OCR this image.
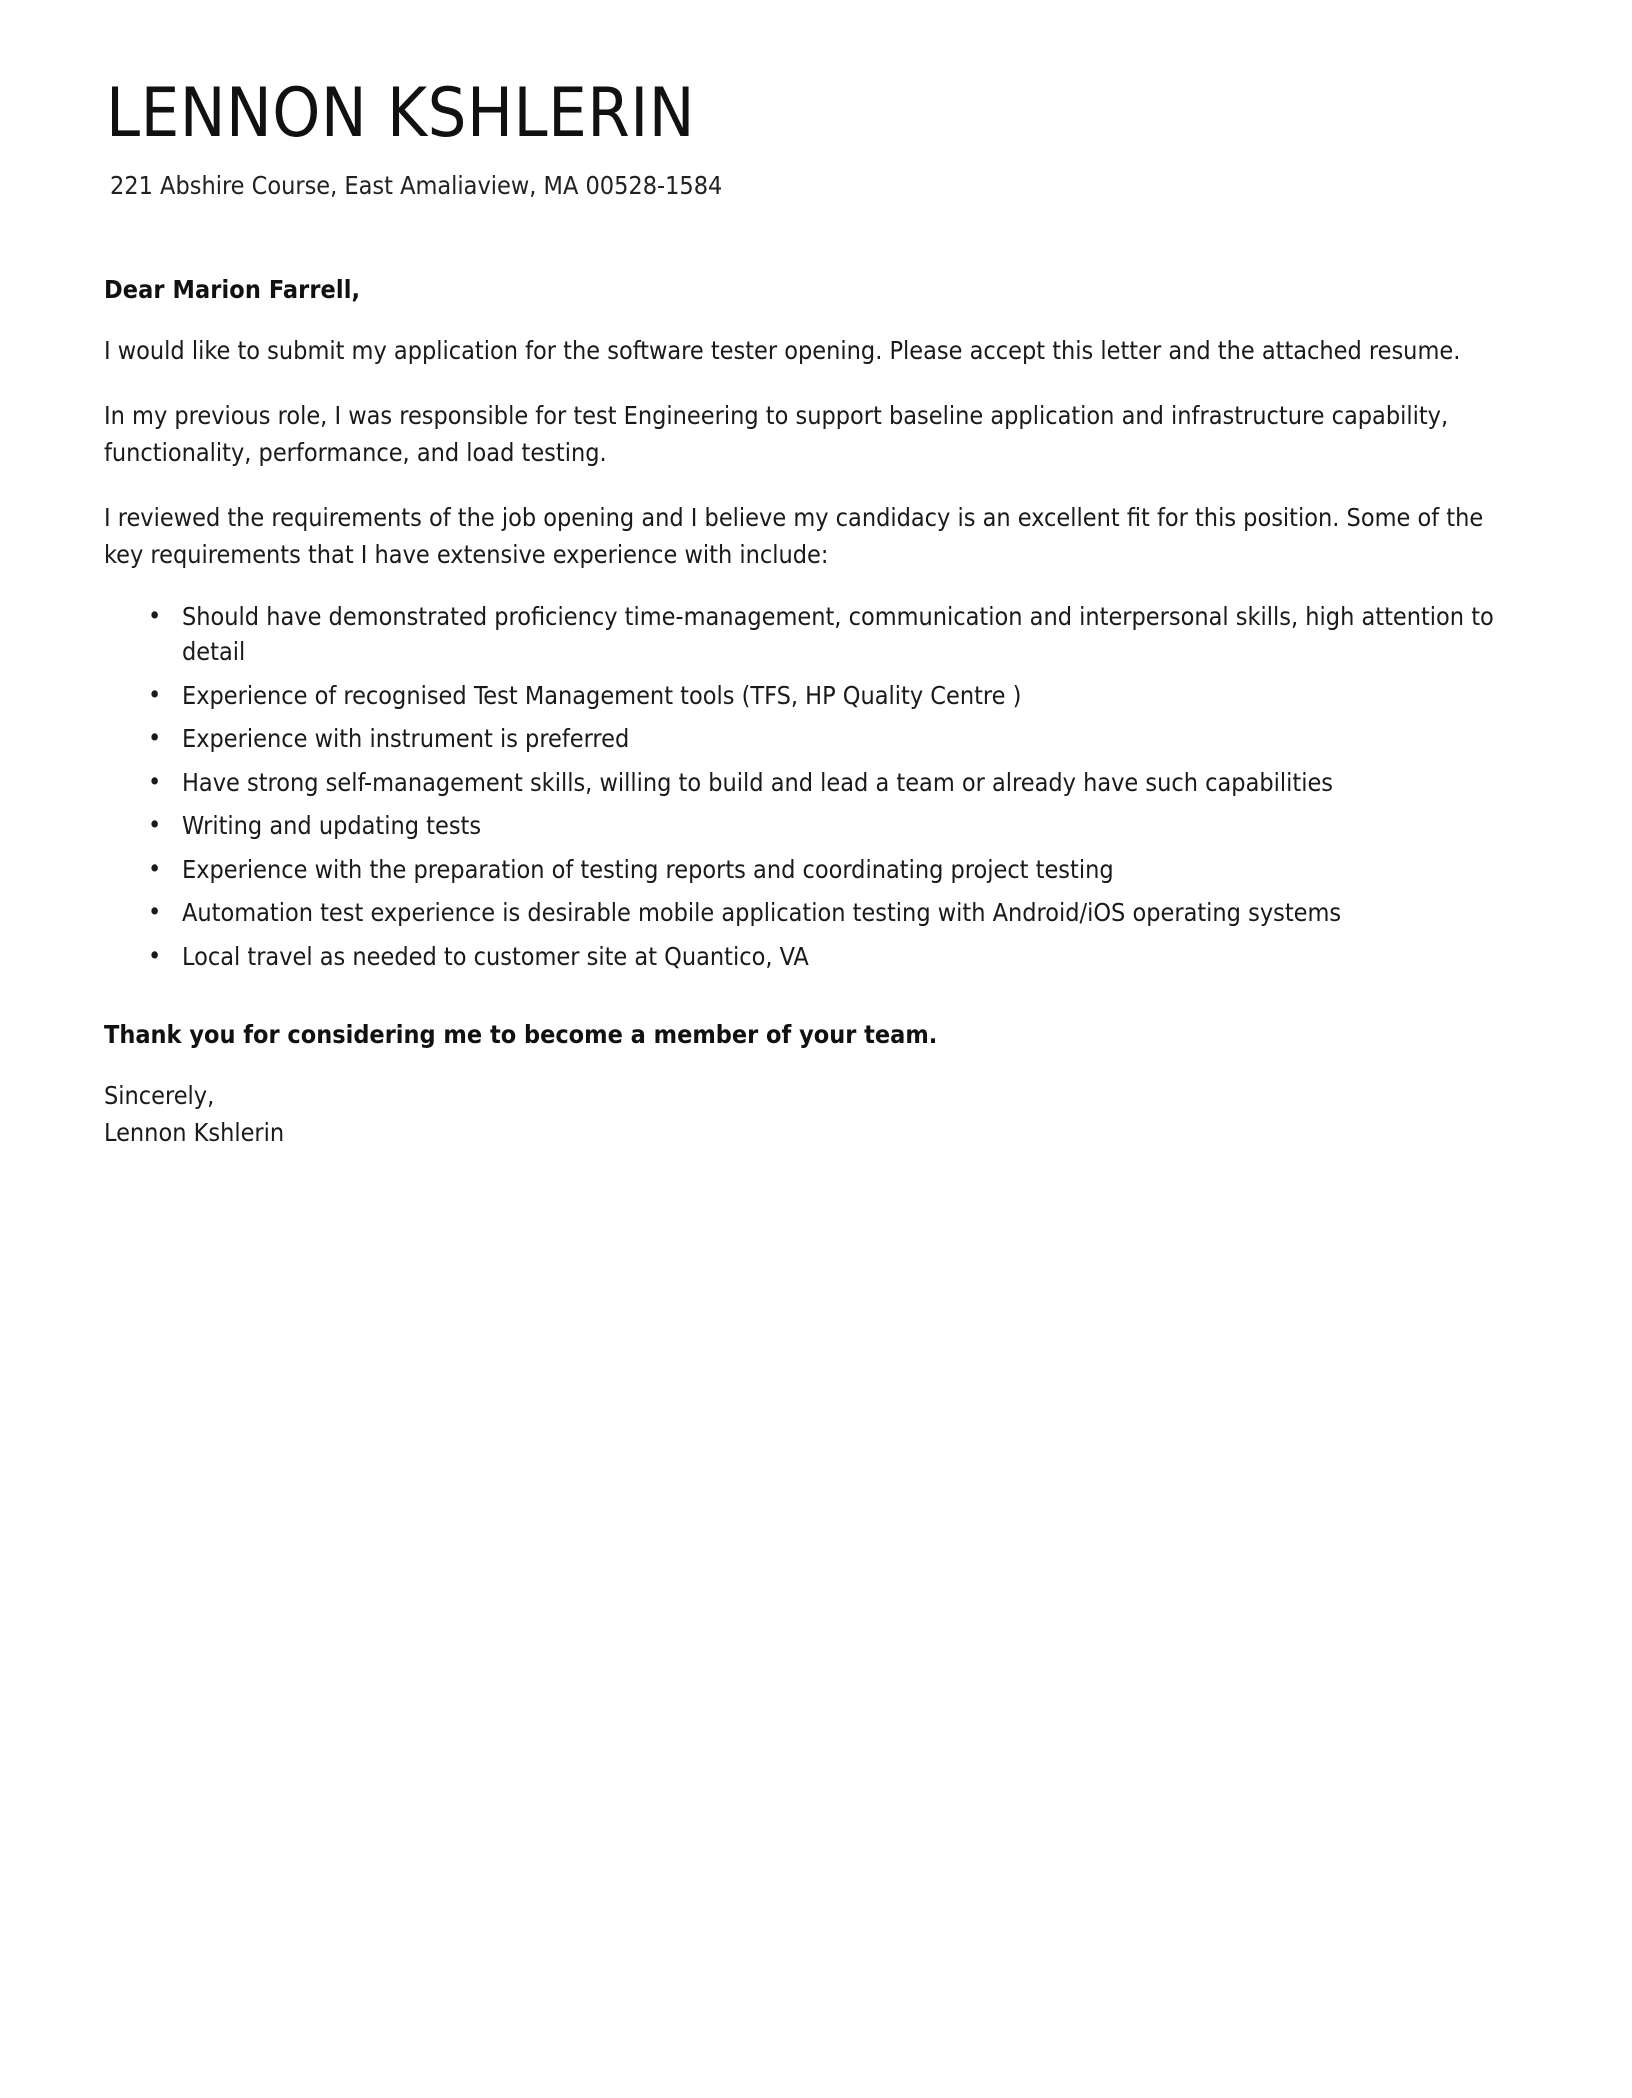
LENNON KSHLERIN
221 Abshire Course, East Amaliaview, MA 00528-1584

Dear Marion Farrell,

I would like to submit my application for the software tester opening. Please accept this letter and the attached resume.

In my previous role, I was responsible for test Engineering to support baseline application and infrastructure capability, functionality, performance, and load testing.

I reviewed the requirements of the job opening and I believe my candidacy is an excellent fit for this position. Some of the key requirements that I have extensive experience with include:

• Should have demonstrated proficiency time-management, communication and interpersonal skills, high attention to detail
• Experience of recognised Test Management tools (TFS, HP Quality Centre )
• Experience with instrument is preferred
• Have strong self-management skills, willing to build and lead a team or already have such capabilities
• Writing and updating tests
• Experience with the preparation of testing reports and coordinating project testing
• Automation test experience is desirable mobile application testing with Android/iOS operating systems
• Local travel as needed to customer site at Quantico, VA

Thank you for considering me to become a member of your team.

Sincerely,
Lennon Kshlerin
